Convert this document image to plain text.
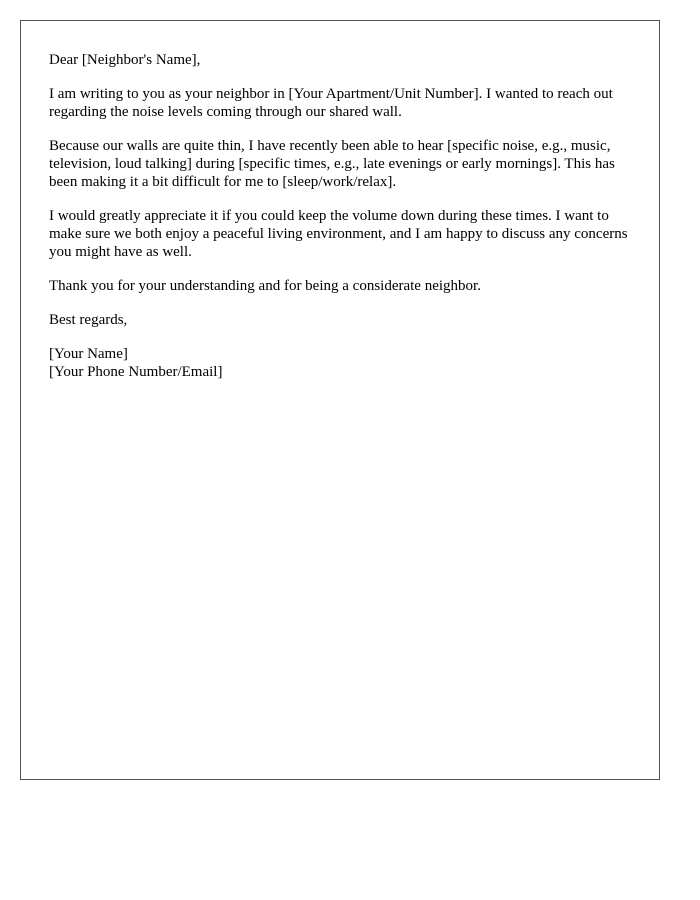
Dear [Neighbor's Name],

I am writing to you as your neighbor in [Your Apartment/Unit Number]. I wanted to reach out regarding the noise levels coming through our shared wall.

Because our walls are quite thin, I have recently been able to hear [specific noise, e.g., music, television, loud talking] during [specific times, e.g., late evenings or early mornings]. This has been making it a bit difficult for me to [sleep/work/relax].

I would greatly appreciate it if you could keep the volume down during these times. I want to make sure we both enjoy a peaceful living environment, and I am happy to discuss any concerns you might have as well.

Thank you for your understanding and for being a considerate neighbor.

Best regards,

[Your Name]
[Your Phone Number/Email]
